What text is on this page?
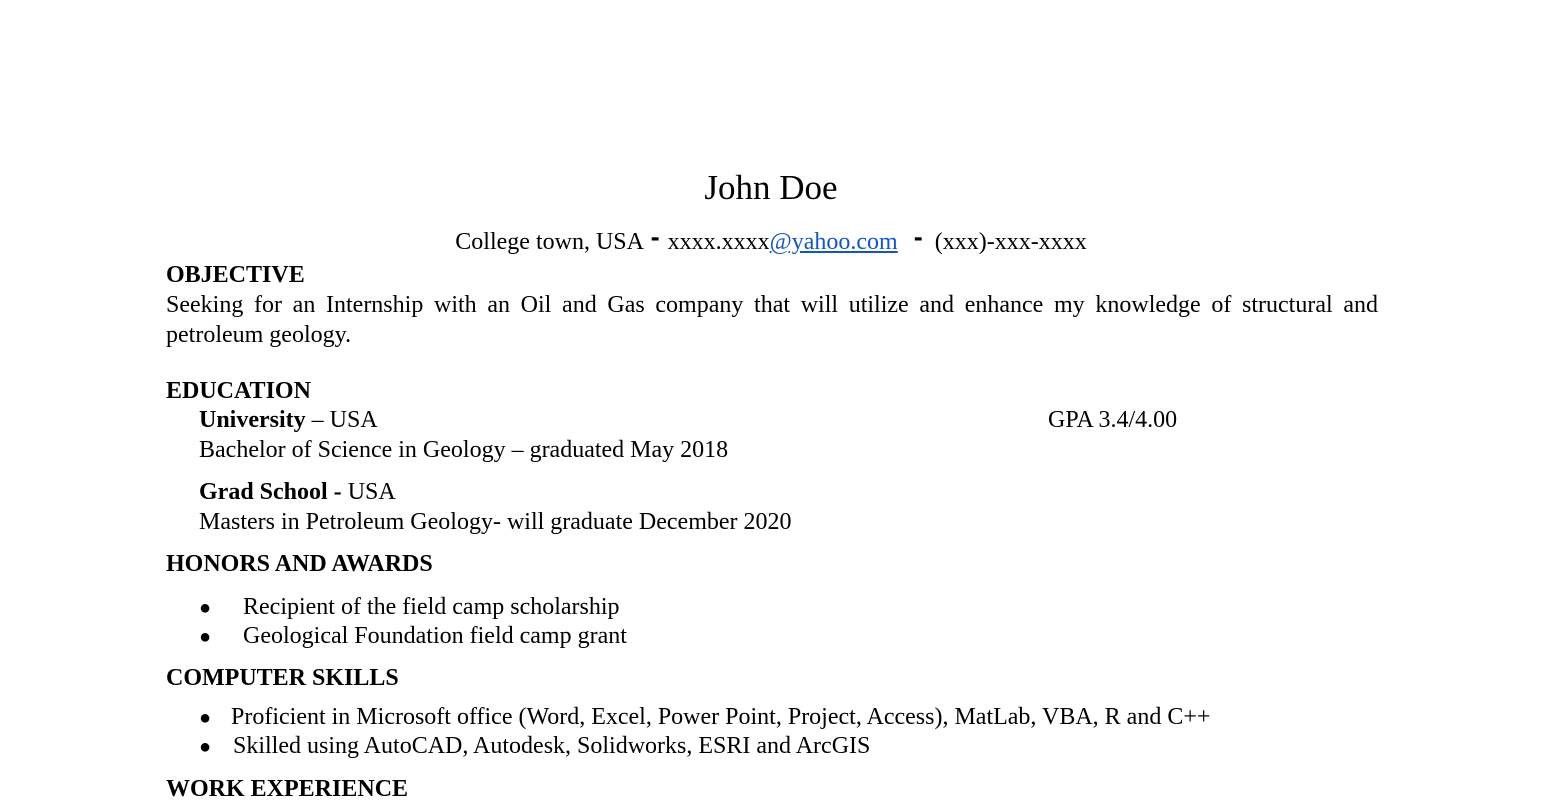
John Doe
College town, USA - xxxx.xxxx@yahoo.com - (xxx)-xxx-xxxx
OBJECTIVE
Seeking for an Internship with an Oil and Gas company that will utilize and enhance my knowledge of structural and petroleum geology.
EDUCATION
University – USA	GPA 3.4/4.00
Bachelor of Science in Geology – graduated May 2018
Grad School - USA
Masters in Petroleum Geology- will graduate December 2020
HONORS AND AWARDS
● Recipient of the field camp scholarship
● Geological Foundation field camp grant
COMPUTER SKILLS
● Proficient in Microsoft office (Word, Excel, Power Point, Project, Access), MatLab, VBA, R and C++
● Skilled using AutoCAD, Autodesk, Solidworks, ESRI and ArcGIS
WORK EXPERIENCE
